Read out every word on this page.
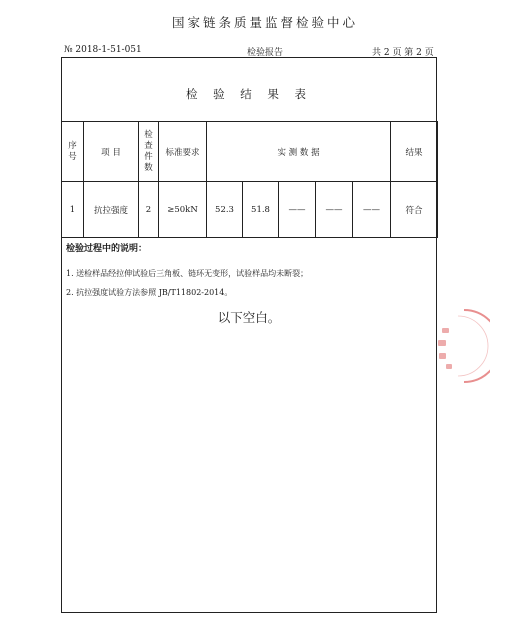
国家链条质量监督检验中心
№ 2018-1-51-051	检验报告	共 2 页 第 2 页
检 验 结 果 表
序号	项 目	检查件数	标准要求	实 测 数 据					结果
1	抗拉强度	2	≥50kN	52.3	51.8	——	——	——	符合
检验过程中的说明：
1. 送检样品经拉伸试验后三角板、链环无变形，试验样品均未断裂；
2. 抗拉强度试验方法参照 JB/T11802-2014。
以下空白。
